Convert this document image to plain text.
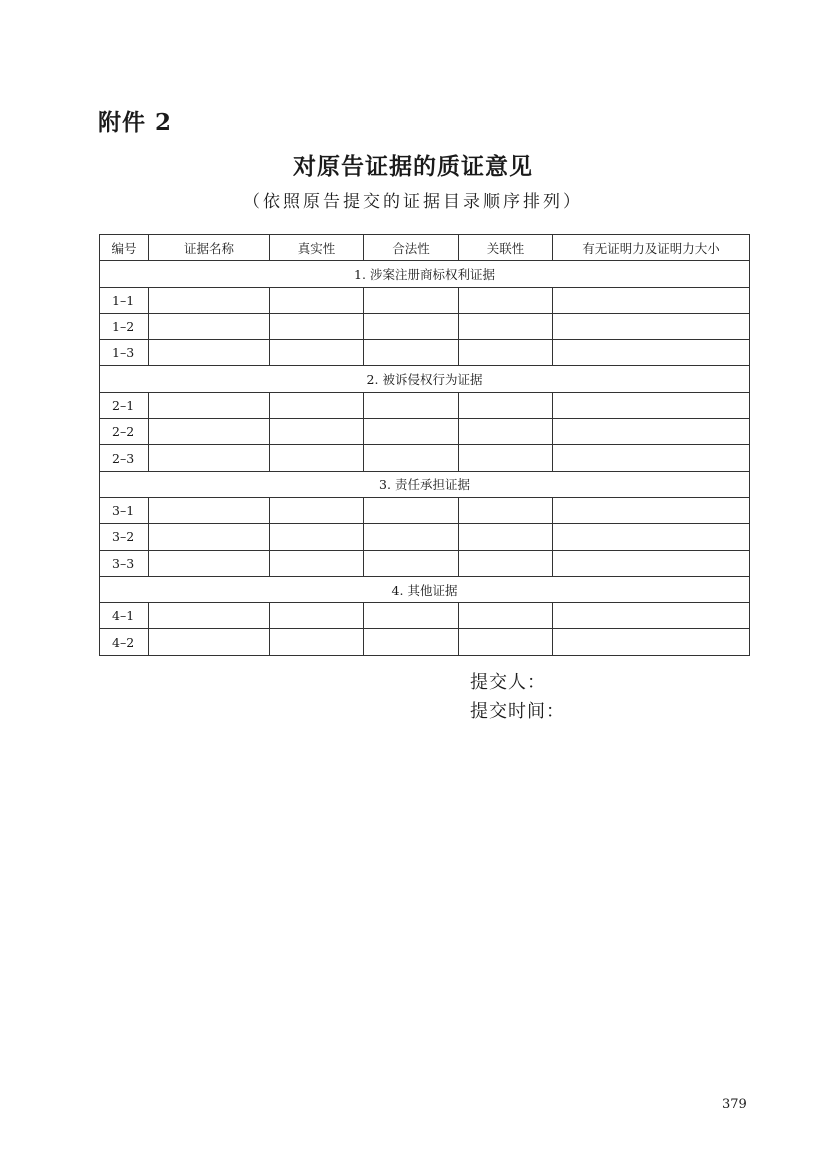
附件 2
对原告证据的质证意见
（依照原告提交的证据目录顺序排列）
编号	证据名称	真实性	合法性	关联性	有无证明力及证明力大小
1. 涉案注册商标权利证据					
1–1					
1–2					
1–3					
2. 被诉侵权行为证据					
2–1					
2–2					
2–3					
3. 责任承担证据					
3–1					
3–2					
3–3					
4. 其他证据					
4–1					
4–2					
提交人：
提交时间：
379
